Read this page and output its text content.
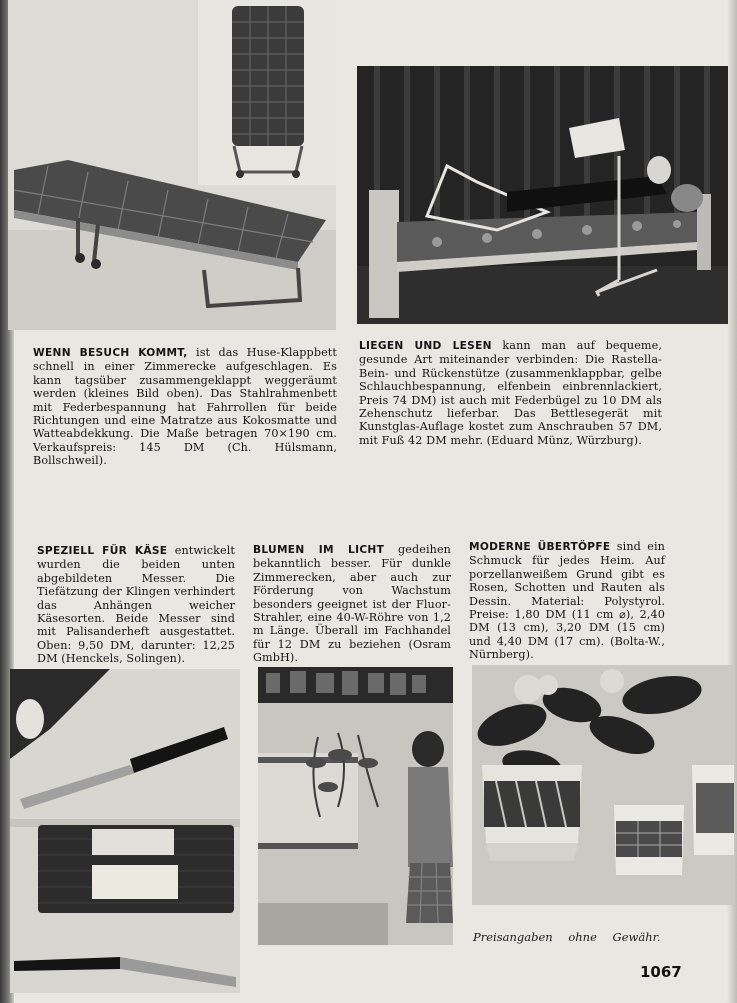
WENN BESUCH KOMMT, ist das Huse-Klappbett schnell in einer Zimmerecke aufgeschlagen. Es kann tagsüber zusammengeklappt weggeräumt werden (kleines Bild oben). Das Stahlrahmenbett mit Federbespannung hat Fahrrollen für beide Richtungen und eine Matratze aus Kokosmatte und Watteabdekkung. Die Maße betragen 70×190 cm. Verkaufspreis: 145 DM (Ch. Hülsmann, Bollschweil).
LIEGEN UND LESEN kann man auf bequeme, gesunde Art miteinander verbinden: Die Rastella-Bein- und Rückenstütze (zusammenklappbar, gelbe Schlauchbespannung, elfenbein einbrennlackiert, Preis 74 DM) ist auch mit Federbügel zu 10 DM als Zehenschutz lieferbar. Das Bettlesegerät mit Kunstglas-Auflage kostet zum Anschrauben 57 DM, mit Fuß 42 DM mehr. (Eduard Münz, Würzburg).
SPEZIELL FÜR KÄSE entwickelt wurden die beiden unten abgebildeten Messer. Die Tiefätzung der Klingen verhindert das Anhängen weicher Käsesorten. Beide Messer sind mit Palisanderheft ausgestattet. Oben: 9,50 DM, darunter: 12,25 DM (Henckels, Solingen).
BLUMEN IM LICHT gedeihen bekanntlich besser. Für dunkle Zimmerecken, aber auch zur Förderung von Wachstum besonders geeignet ist der Fluor-Strahler, eine 40-W-Röhre von 1,2 m Länge. Überall im Fachhandel für 12 DM zu beziehen (Osram GmbH).
MODERNE ÜBERTÖPFE sind ein Schmuck für jedes Heim. Auf porzellanweißem Grund gibt es Rosen, Schotten und Rauten als Dessin. Material: Polystyrol. Preise: 1,80 DM (11 cm ⌀), 2,40 DM (13 cm), 3,20 DM (15 cm) und 4,40 DM (17 cm). (Bolta-W., Nürnberg).
Preisangaben ohne Gewähr.
1067
